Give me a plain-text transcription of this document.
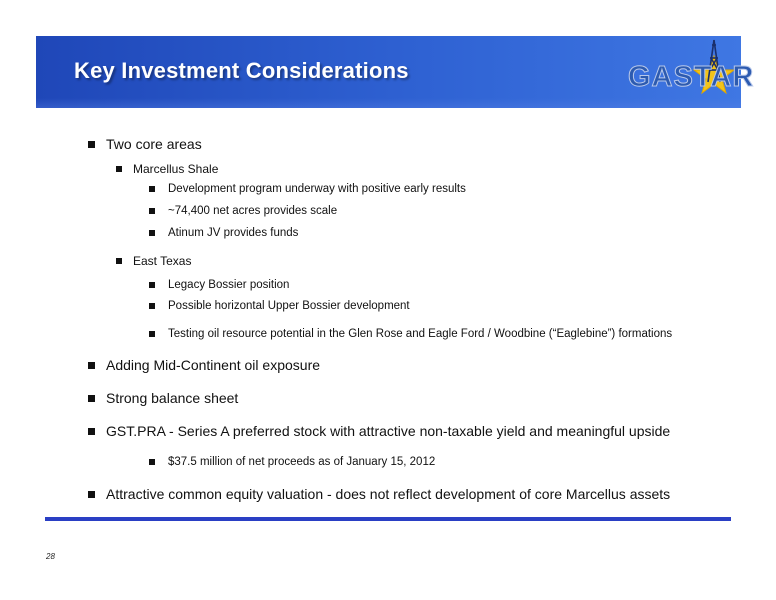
Key Investment Considerations	GASTAR
Two core areas
Marcellus Shale
Development program underway with positive early results
~74,400 net acres provides scale
Atinum JV provides funds
East Texas
Legacy Bossier position
Possible horizontal Upper Bossier development
Testing oil resource potential in the Glen Rose and Eagle Ford / Woodbine (“Eaglebine”) formations
Adding Mid-Continent oil exposure
Strong balance sheet
GST.PRA - Series A preferred stock with attractive non-taxable yield and meaningful upside
$37.5 million of net proceeds as of January 15, 2012
Attractive common equity valuation - does not reflect development of core Marcellus assets
28
